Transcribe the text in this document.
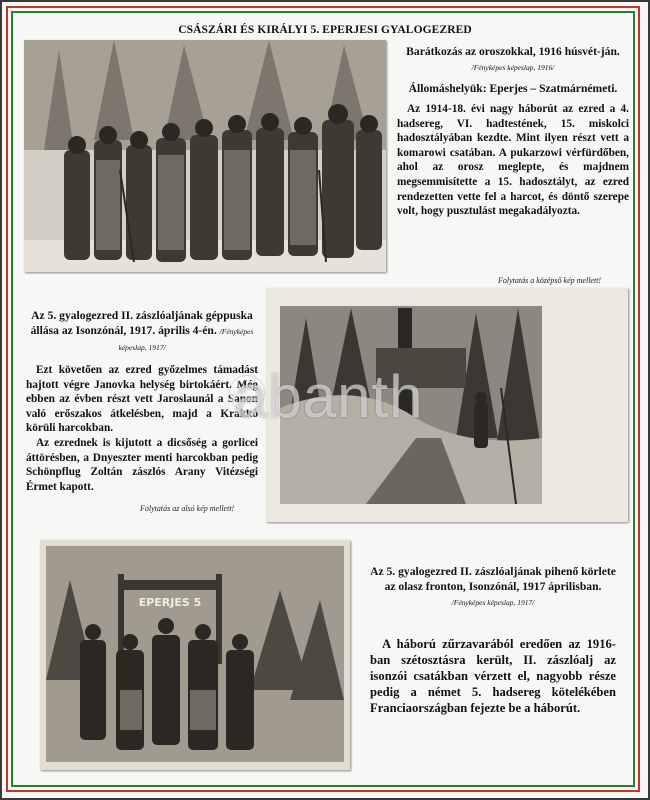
CSÁSZÁRI ÉS KIRÁLYI 5. EPERJESI GYALOGEZRED
Barátkozás az oroszokkal, 1916 húsvét-ján. /Fényképes képeslap, 1916/
Állomáshelyük: Eperjes – Szatmárnémeti.
Az 1914-18. évi nagy háborút az ezred a 4. hadsereg, VI. hadtestének, 15. miskolci hadosztályában kezdte. Mint ilyen részt vett a komarowi csatában. A pukarzowi vérfürdőben, ahol az orosz meglepte, és majdnem megsemmisítette a 15. hadosztályt, az ezred rendezetten vette fel a harcot, és döntő szerepe volt, hogy pusztulást megakadályozta.
Folytatás a középső kép mellett!
Az 5. gyalogezred II. zászlóaljának géppuska állása az Isonzónál, 1917. április 4-én. /Fényképes képeslap, 1917/
Ezt követően az ezred győzelmes támadást hajtott végre Janovka helység birtokáért. Még ebben az évben részt vett Jaroslaunál a Sanon való erőszakos átkelésben, majd a Krakkó körüli harcokban.
Az ezrednek is kijutott a dicsőség a gorlicei áttörésben, a Dnyeszter menti harcokban pedig Schönpflug Zoltán zászlós Arany Vitézségi Érmet kapott.
Folytatás az alsó kép mellett!
EPERJES 5
Az 5. gyalogezred II. zászlóaljának pihenő körlete az olasz fronton, Isonzónál, 1917 áprilisban. /Fényképes képeslap, 1917/
A háború zűrzavarából eredően az 1916-ban szétosztásra került, II. zászlóalj az isonzói csatákban vérzett el, nagyobb része pedig a német 5. hadsereg kötelékében Franciaországban fejezte be a háborút.
abanth
